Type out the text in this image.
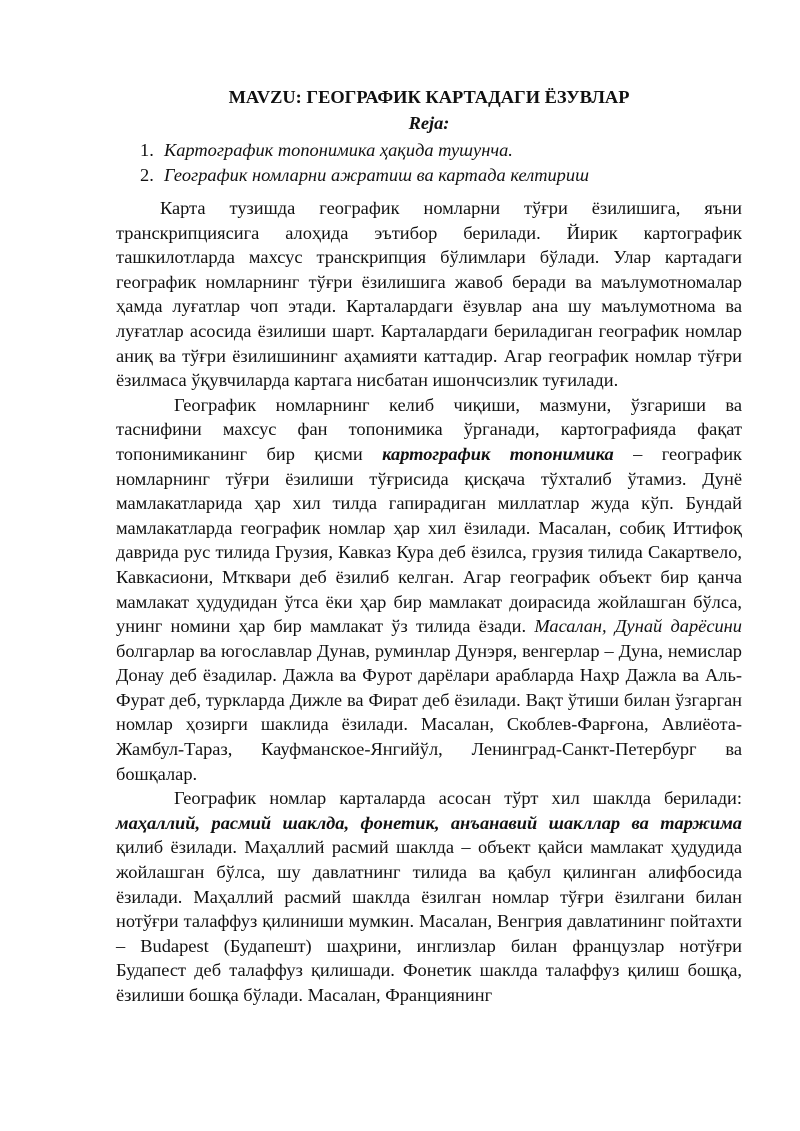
MAVZU: ГЕОГРАФИК КАРТАДАГИ ЁЗУВЛАР
Reja:
1. Картографик топонимика ҳақида тушунча.
2. Географик номларни ажратиш ва картада келтириш

Карта тузишда географик номларни тўғри ёзилишига, яъни транскрипциясига алоҳида эътибор берилади. Йирик картографик ташкилотларда махсус транскрипция бўлимлари бўлади. Улар картадаги географик номларнинг тўғри ёзилишига жавоб беради ва маълумотномалар ҳамда луғатлар чоп этади. Карталардаги ёзувлар ана шу маълумотнома ва луғатлар асосида ёзилиши шарт. Карталардаги бериладиган географик номлар аниқ ва тўғри ёзилишининг аҳамияти каттадир. Агар географик номлар тўғри ёзилмаса ўқувчиларда картага нисбатан ишончсизлик туғилади.

Географик номларнинг келиб чиқиши, мазмуни, ўзгариши ва таснифини махсус фан топонимика ўрганади, картографияда фақат топонимиканинг бир қисми картографик топонимика – географик номларнинг тўғри ёзилиши тўғрисида қисқача тўхталиб ўтамиз. Дунё мамлакатларида ҳар хил тилда гапирадиган миллатлар жуда кўп. Бундай мамлакатларда географик номлар ҳар хил ёзилади. Масалан, собиқ Иттифоқ даврида рус тилида Грузия, Кавказ Кура деб ёзилса, грузия тилида Сакартвело, Кавкасиони, Мтквари деб ёзилиб келган. Агар географик объект бир қанча мамлакат ҳудудидан ўтса ёки ҳар бир мамлакат доирасида жойлашган бўлса, унинг номини ҳар бир мамлакат ўз тилида ёзади. Масалан, Дунай дарёсини болгарлар ва югославлар Дунав, руминлар Дунэря, венгерлар – Дуна, немислар Донау деб ёзадилар. Дажла ва Фурот дарёлари арабларда Наҳр Дажла ва Аль-Фурат деб, туркларда Дижле ва Фират деб ёзилади. Вақт ўтиши билан ўзгарган номлар ҳозирги шаклида ёзилади. Масалан, Скоблев-Фарғона, Авлиёота-Жамбул-Тараз, Кауфманское-Янгийўл, Ленинград-Санкт-Петербург ва бошқалар.

Географик номлар карталарда асосан тўрт хил шаклда берилади: маҳаллий, расмий шаклда, фонетик, анъанавий шакллар ва таржима қилиб ёзилади. Маҳаллий расмий шаклда – объект қайси мамлакат ҳудудида жойлашган бўлса, шу давлатнинг тилида ва қабул қилинган алифбосида ёзилади. Маҳаллий расмий шаклда ёзилган номлар тўғри ёзилгани билан нотўғри талаффуз қилиниши мумкин. Масалан, Венгрия давлатининг пойтахти – Budapest (Будапешт) шаҳрини, инглизлар билан французлар нотўғри Будапест деб талаффуз қилишади. Фонетик шаклда талаффуз қилиш бошқа, ёзилиши бошқа бўлади. Масалан, Франциянинг
